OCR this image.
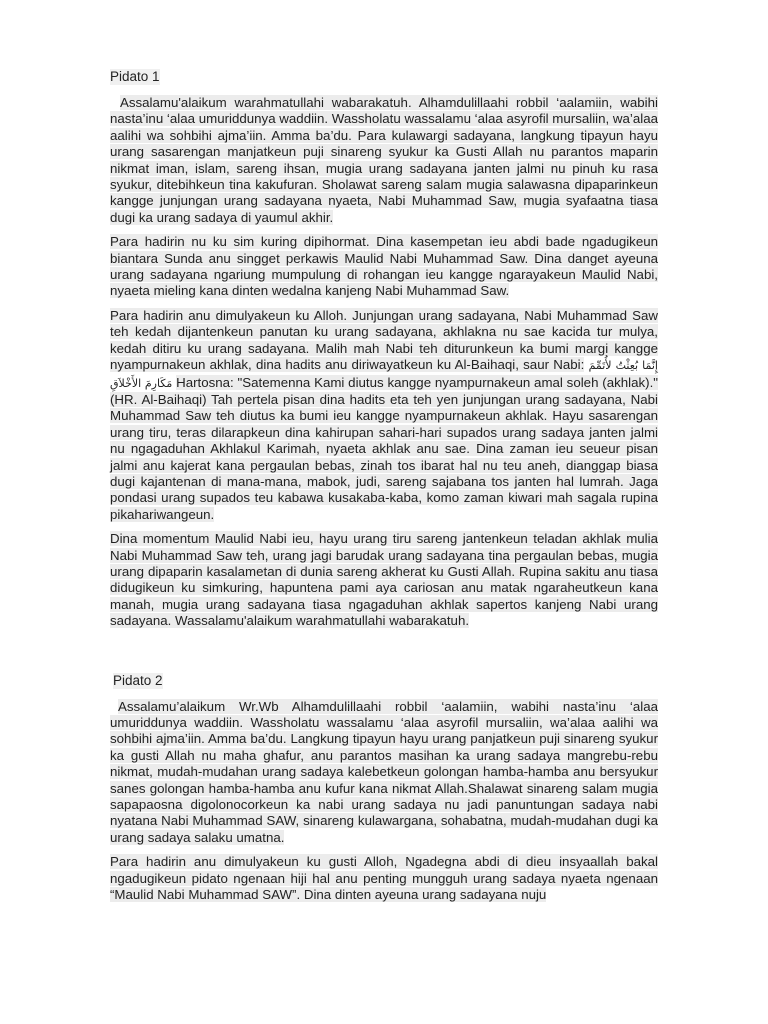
Pidato 1

Assalamu'alaikum warahmatullahi wabarakatuh. Alhamdulillaahi robbil ‘aalamiin, wabihi nasta’inu ‘alaa umuriddunya waddiin. Wassholatu wassalamu ‘alaa asyrofil mursaliin, wa’alaa aalihi wa sohbihi ajma’iin. Amma ba’du. Para kulawargi sadayana, langkung tipayun hayu urang sasarengan manjatkeun puji sinareng syukur ka Gusti Allah nu parantos maparin nikmat iman, islam, sareng ihsan, mugia urang sadayana janten jalmi nu pinuh ku rasa syukur, ditebihkeun tina kakufuran. Sholawat sareng salam mugia salawasna dipaparinkeun kangge junjungan urang sadayana nyaeta, Nabi Muhammad Saw, mugia syafaatna tiasa dugi ka urang sadaya di yaumul akhir.

Para hadirin nu ku sim kuring dipihormat. Dina kasempetan ieu abdi bade ngadugikeun biantara Sunda anu singget perkawis Maulid Nabi Muhammad Saw. Dina danget ayeuna urang sadayana ngariung mumpulung di rohangan ieu kangge ngarayakeun Maulid Nabi, nyaeta mieling kana dinten wedalna kanjeng Nabi Muhammad Saw.

Para hadirin anu dimulyakeun ku Alloh. Junjungan urang sadayana, Nabi Muhammad Saw teh kedah dijantenkeun panutan ku urang sadayana, akhlakna nu sae kacida tur mulya, kedah ditiru ku urang sadayana. Malih mah Nabi teh diturunkeun ka bumi margi kangge nyampurnakeun akhlak, dina hadits anu diriwayatkeun ku Al-Baihaqi, saur Nabi: إِنَّمَا بُعِثْتُ لأُتَمِّمَ مَكَارِمَ الأَخْلاَقِ Hartosna: "Satemenna Kami diutus kangge nyampurnakeun amal soleh (akhlak)." (HR. Al-Baihaqi) Tah pertela pisan dina hadits eta teh yen junjungan urang sadayana, Nabi Muhammad Saw teh diutus ka bumi ieu kangge nyampurnakeun akhlak. Hayu sasarengan urang tiru, teras dilarapkeun dina kahirupan sahari-hari supados urang sadaya janten jalmi nu ngagaduhan Akhlakul Karimah, nyaeta akhlak anu sae. Dina zaman ieu seueur pisan jalmi anu kajerat kana pergaulan bebas, zinah tos ibarat hal nu teu aneh, dianggap biasa dugi kajantenan di mana-mana, mabok, judi, sareng sajabana tos janten hal lumrah. Jaga pondasi urang supados teu kabawa kusakaba-kaba, komo zaman kiwari mah sagala rupina pikahariwangeun.

Dina momentum Maulid Nabi ieu, hayu urang tiru sareng jantenkeun teladan akhlak mulia Nabi Muhammad Saw teh, urang jagi barudak urang sadayana tina pergaulan bebas, mugia urang dipaparin kasalametan di dunia sareng akherat ku Gusti Allah. Rupina sakitu anu tiasa didugikeun ku simkuring, hapuntena pami aya cariosan anu matak ngaraheutkeun kana manah, mugia urang sadayana tiasa ngagaduhan akhlak sapertos kanjeng Nabi urang sadayana. Wassalamu'alaikum warahmatullahi wabarakatuh.

Pidato 2

Assalamu’alaikum Wr.Wb Alhamdulillaahi robbil ‘aalamiin, wabihi nasta’inu ‘alaa umuriddunya waddiin. Wassholatu wassalamu ‘alaa asyrofil mursaliin, wa’alaa aalihi wa sohbihi ajma’iin. Amma ba’du. Langkung tipayun hayu urang panjatkeun puji sinareng syukur ka gusti Allah nu maha ghafur, anu parantos masihan ka urang sadaya mangrebu-rebu nikmat, mudah-mudahan urang sadaya kalebetkeun golongan hamba-hamba anu bersyukur sanes golongan hamba-hamba anu kufur kana nikmat Allah.Shalawat sinareng salam mugia sapapaosna digolonocorkeun ka nabi urang sadaya nu jadi panuntungan sadaya nabi nyatana Nabi Muhammad SAW, sinareng kulawargana, sohabatna, mudah-mudahan dugi ka urang sadaya salaku umatna.

Para hadirin anu dimulyakeun ku gusti Alloh, Ngadegna abdi di dieu insyaallah bakal ngadugikeun pidato ngenaan hiji hal anu penting mungguh urang sadaya nyaeta ngenaan “Maulid Nabi Muhammad SAW”. Dina dinten ayeuna urang sadayana nuju
